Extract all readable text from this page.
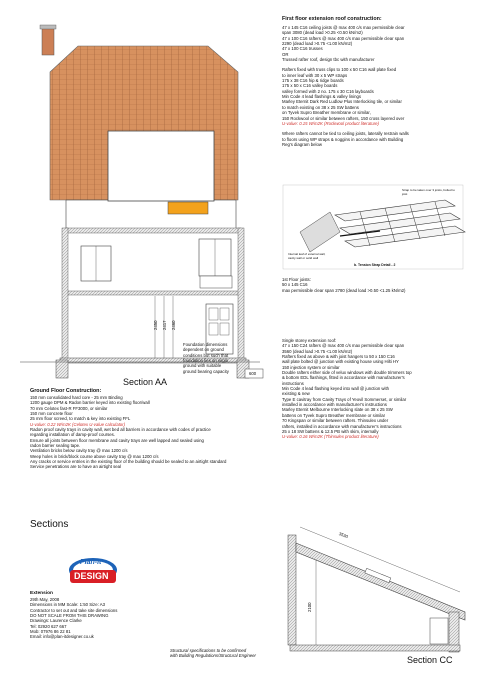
2450 2417 2460
600
Section AA
Foundation dimensions
dependent on ground
conditions but such that
foundation lies on virgin
ground with suitable
ground bearing capacity
First floor extension roof construction:
47 x 145 C16 ceiling joists @ max 400 c/s max permissible clear
span 3080 (dead load >0.25 <0.50 kN/m2)
47 x 100 C16 rafters @ max 400 c/s max permissible clear span
2290 (dead load >0.75 <1.00 kN/m2)
47 x 100 C16 trusses
OR
Trussed rafter roof, design tbc with manufacturer
Rafters fixed with truss clips to 100 x 50 C16 wall plate fixed
to inner leaf with 30 x 5 WP straps
175 x 38 C16 hip & ridge boards
175 x 50 x C16 valley boards
valley formed with 2 no. 175 x 30 C16 layboards
Min Code 4 lead flashings & valley linings
Marley Eternit Dark Red Ludlow Plus Interlocking tile, or similar
to match existing on 38 x 25 SW battens
on Tyvek Supro Breather membrane or similar,
150 Rockwool or similar between rafters, 150 cross layered over
U-value: 0.15 W/m2K (Rockwool product literature)
Where rafters cannot be tied to ceiling joists, laterally restrain walls
to floors using WP straps & noggins in accordance with Building
Reg's diagram below
Internal leaf of external wall, cavity wall or solid wall
Strap to be taken over 3 joists, bolted to joist
b. Tension Strap Detail - 2
1st Floor joists:
50 x 145 C16
max permissible clear span 2780 (dead load >0.50 <1.25 kN/m2)
Single storey extension roof:
47 x 150 C24 rafters @ max 400 c/s max permissible clear span
3560 (dead load >0.75 <1.00 kN/m2)
Rafters fixed as above & with joist hangers to 50 x 150 C16
wall plate bolted @ junction with existing house using Hilti HY
150 injection system or similar
Double rafters either side of velux windows with double trimmers top
& bottom EDL flashings, fitted in accordance with manufacturer's
instructions
Min Code 4 lead flashing keyed into wall @ junction with
existing & new
Type E cavitray from Cavity Trays of Yeovil Sommerset, or similar
installed in accordance with manufacturer's instructions
Marley Eternit Melbourne Interlocking slate on 38 x 25 SW
battens on Tyvek Supro Breather membrane or similar
70 Kingspan or similar between rafters. Thinsulex under
rafters, installed in accordance with manufacturer's instructions
25 x 18 SW battens & 12.5 PB with skim, internally
U-value: 0.16 W/m2K (Thinsulex product literature)
Ground Floor Construction:
150 mm consolidated hard core - 25 mm Binding
1200 gauge DPM & Radon barrier keyed into existing floor/wall
70 mm Celotex fast-R FF3000, or similar
150 mm concrete floor
25 mm floor screed, to match & key into existing FFL
U-value: 0.22 W/m2K (Celotex U-value calculator)
Radon proof cavity trays in cavity wall, wet bed all barriers in accordance with codes of practice
regarding installation of damp-proof courses.
Ensure all joints between floor membrane and cavity trays are well lapped and sealed using
radon barrier sealing tape.
Ventilation bricks below cavity tray @ max 1200 c/s
Weep holes in brick/block course above cavity tray @ max 1200 c/s
Any cracks or service entries in the existing floor of the building should be sealed to an airtight standard
Service penetrations are to have an airtight seal
Sections
Plan-it
DESIGN
Extension
29th May, 2008
Dimensions in MM Scale: 1:50 Size: A3
Contractor to set out and take site dimensions
DO NOT SCALE FROM THIS DRAWING
Drawings: Laurence Clarke
Tel: 02920 627 667
Mob: 07976 86 22 81
Email: info@plan-itdesigner.co.uk
Structural specifications to be confirmed
with Building Regulations/Structural Engineer
3530
2100
Section CC
